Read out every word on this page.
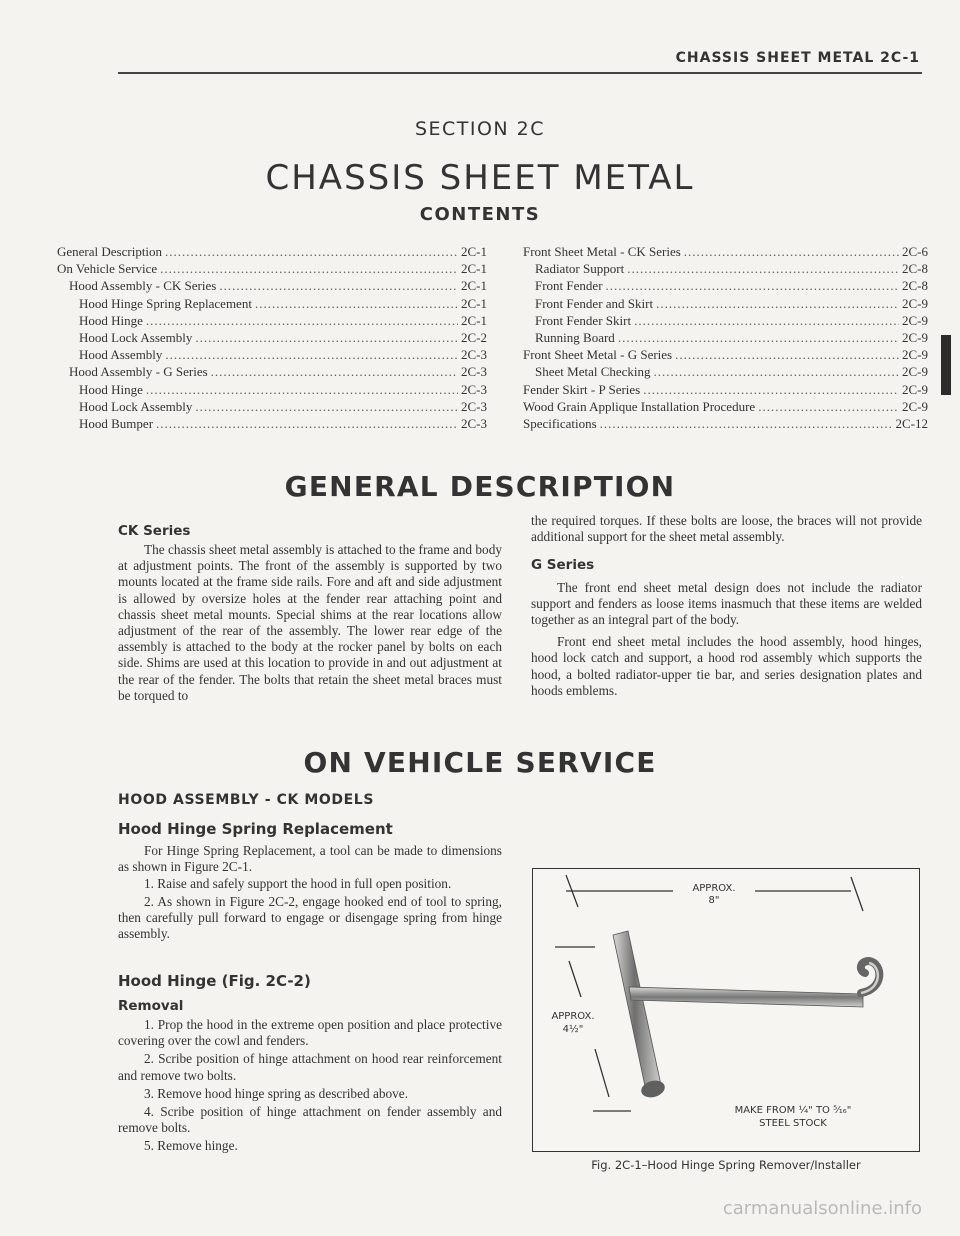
CHASSIS SHEET METAL 2C-1
SECTION 2C
CHASSIS SHEET METAL
CONTENTS
General Description .....	2C-1
On Vehicle Service .....	2C-1
Hood Assembly - CK Series .....	2C-1
Hood Hinge Spring Replacement .....	2C-1
Hood Hinge .....	2C-1
Hood Lock Assembly .....	2C-2
Hood Assembly .....	2C-3
Hood Assembly - G Series .....	2C-3
Hood Hinge .....	2C-3
Hood Lock Assembly .....	2C-3
Hood Bumper .....	2C-3
Front Sheet Metal - CK Series .....	2C-6
Radiator Support .....	2C-8
Front Fender .....	2C-8
Front Fender and Skirt .....	2C-9
Front Fender Skirt .....	2C-9
Running Board .....	2C-9
Front Sheet Metal - G Series .....	2C-9
Sheet Metal Checking .....	2C-9
Fender Skirt - P Series .....	2C-9
Wood Grain Applique Installation Procedure .....	2C-9
Specifications .....	2C-12
GENERAL DESCRIPTION
CK Series

The chassis sheet metal assembly is attached to the frame and body at adjustment points. The front of the assembly is supported by two mounts located at the frame side rails. Fore and aft and side adjustment is allowed by oversize holes at the fender rear attaching point and chassis sheet metal mounts. Special shims at the rear locations allow adjustment of the rear of the assembly. The lower rear edge of the assembly is attached to the body at the rocker panel by bolts on each side. Shims are used at this location to provide in and out adjustment at the rear of the fender. The bolts that retain the sheet metal braces must be torqued to

the required torques. If these bolts are loose, the braces will not provide additional support for the sheet metal assembly.

G Series

The front end sheet metal design does not include the radiator support and fenders as loose items inasmuch that these items are welded together as an integral part of the body.

Front end sheet metal includes the hood assembly, hood hinges, hood lock catch and support, a hood rod assembly which supports the hood, a bolted radiator-upper tie bar, and series designation plates and hoods emblems.

ON VEHICLE SERVICE
HOOD ASSEMBLY - CK MODELS
Hood Hinge Spring Replacement

For Hinge Spring Replacement, a tool can be made to dimensions as shown in Figure 2C-1.

1. Raise and safely support the hood in full open position.

2. As shown in Figure 2C-2, engage hooked end of tool to spring, then carefully pull forward to engage or disengage spring from hinge assembly.

Hood Hinge (Fig. 2C-2)
Removal

1. Prop the hood in the extreme open position and place protective covering over the cowl and fenders.

2. Scribe position of hinge attachment on hood rear reinforcement and remove two bolts.

3. Remove hood hinge spring as described above.

4. Scribe position of hinge attachment on fender assembly and remove bolts.

5. Remove hinge.

APPROX.
8"
APPROX.
4½"
MAKE FROM ¼" TO ⁵⁄₁₆"
STEEL STOCK
Fig. 2C-1–Hood Hinge Spring Remover/Installer
carmanualsonline.info
